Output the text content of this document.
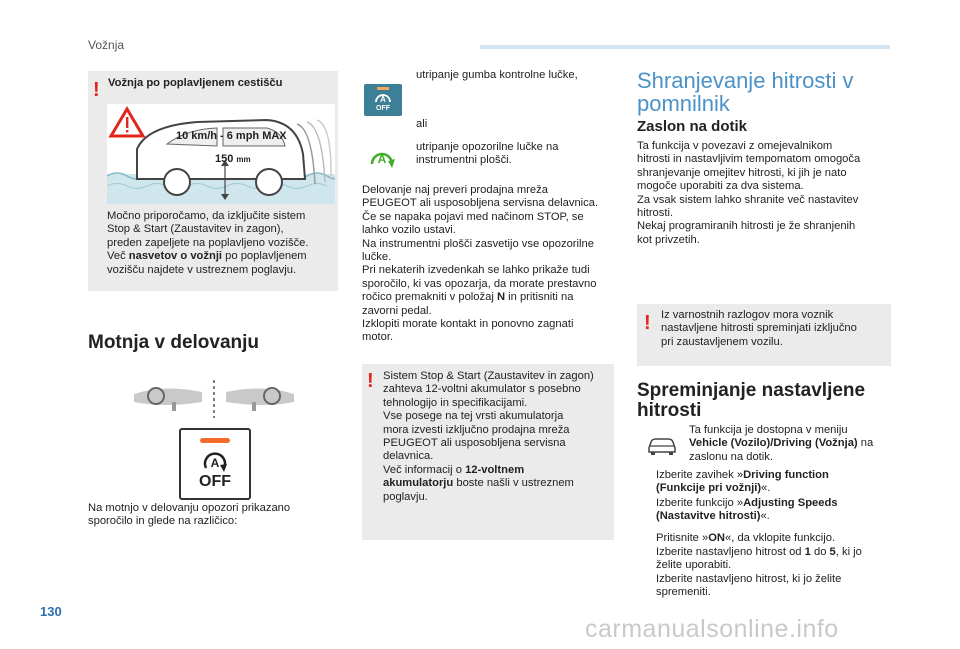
Vožnja
! Vožnja po poplavljenem cestišču
10 km/h - 6 mph MAX
150 mm
Močno priporočamo, da izključite sistem
Stop & Start (Zaustavitev in zagon),
preden zapeljete na poplavljeno vozišče.
Več nasvetov o vožnji po poplavljenem
vozišču najdete v ustreznem poglavju.
Motnja v delovanju
A
OFF
Na motnjo v delovanju opozori prikazano
sporočilo in glede na različico:
A
OFF
utripanje gumba kontrolne lučke,
ali
A
utripanje opozorilne lučke na
instrumentni plošči.
Delovanje naj preveri prodajna mreža
PEUGEOT ali usposobljena servisna delavnica.
Če se napaka pojavi med načinom STOP, se
lahko vozilo ustavi.
Na instrumentni plošči zasvetijo vse opozorilne
lučke.
Pri nekaterih izvedenkah se lahko prikaže tudi
sporočilo, ki vas opozarja, da morate prestavno
ročico premakniti v položaj N in pritisniti na
zavorni pedal.
Izklopiti morate kontakt in ponovno zagnati
motor.
! Sistem Stop & Start (Zaustavitev in zagon)
zahteva 12-voltni akumulator s posebno
tehnologijo in specifikacijami.
Vse posege na tej vrsti akumulatorja
mora izvesti izključno prodajna mreža
PEUGEOT ali usposobljena servisna
delavnica.
Več informacij o 12-voltnem
akumulatorju boste našli v ustreznem
poglavju.
Shranjevanje hitrosti v
pomnilnik
Zaslon na dotik
Ta funkcija v povezavi z omejevalnikom
hitrosti in nastavljivim tempomatom omogoča
shranjevanje omejitev hitrosti, ki jih je nato
mogoče uporabiti za dva sistema.
Za vsak sistem lahko shranite več nastavitev
hitrosti.
Nekaj programiranih hitrosti je že shranjenih
kot privzetih.
! Iz varnostnih razlogov mora voznik
nastavljene hitrosti spreminjati izključno
pri zaustavljenem vozilu.
Spreminjanje nastavljene
hitrosti
Ta funkcija je dostopna v meniju
Vehicle (Vozilo)/Driving (Vožnja) na
zaslonu na dotik.
Izberite zavihek »Driving function
(Funkcije pri vožnji)«.
Izberite funkcijo »Adjusting Speeds
(Nastavitve hitrosti)«.
Pritisnite »ON«, da vklopite funkcijo.
Izberite nastavljeno hitrost od 1 do 5, ki jo
želite uporabiti.
Izberite nastavljeno hitrost, ki jo želite
spremeniti.
130
carmanualsonline.info
